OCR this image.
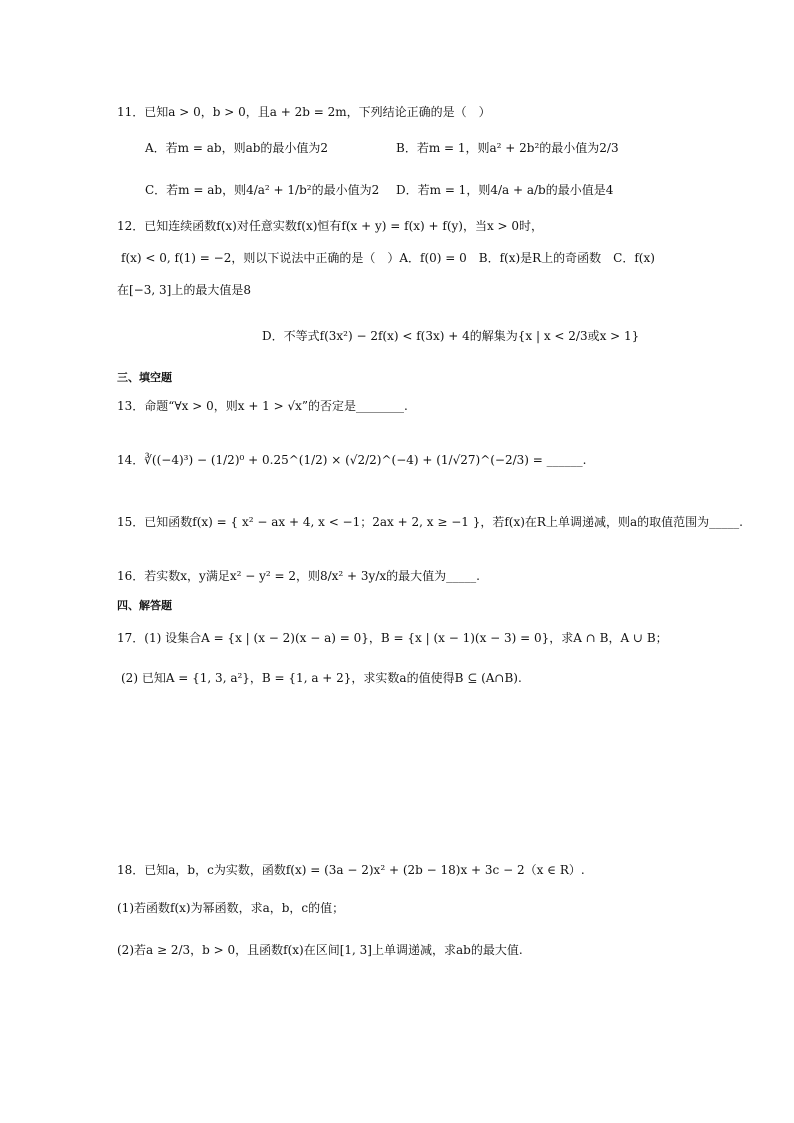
11．已知a > 0，b > 0，且a + 2b = 2m，下列结论正确的是（　）
A．若m = ab，则ab的最小值为2	B．若m = 1，则a² + 2b²的最小值为2/3
C．若m = ab，则4/a² + 1/b²的最小值为2 D．若m = 1，则4/a + a/b的最小值是4
12．已知连续函数f(x)对任意实数f(x)恒有f(x + y) = f(x) + f(y)，当x > 0时，
f(x) < 0, f(1) = −2，则以下说法中正确的是（　）A．f(0) = 0　B．f(x)是R上的奇函数　C．f(x)
在[−3, 3]上的最大值是8
D．不等式f(3x²) − 2f(x) < f(3x) + 4的解集为{x | x < 2/3或x > 1}
三、填空题
13．命题“∀x > 0，则x + 1 > √x”的否定是________.
14．∛((−4)³) − (1/2)⁰ + 0.25^(1/2) × (√2/2)^(−4) + (1/√27)^(−2/3) = ______.
15．已知函数f(x) = { x² − ax + 4, x < −1；2ax + 2, x ≥ −1 }，若f(x)在R上单调递减，则a的取值范围为_____.
16．若实数x，y满足x² − y² = 2，则8/x² + 3y/x的最大值为_____.
四、解答题
17．(1) 设集合A = {x | (x − 2)(x − a) = 0}，B = {x | (x − 1)(x − 3) = 0}，求A ∩ B，A ∪ B；
(2) 已知A = {1, 3, a²}，B = {1, a + 2}，求实数a的值使得B ⊆ (A∩B).
18．已知a，b，c为实数，函数f(x) = (3a − 2)x² + (2b − 18)x + 3c − 2（x ∈ R）.
(1)若函数f(x)为幂函数，求a，b，c的值；
(2)若a ≥ 2/3，b > 0，且函数f(x)在区间[1, 3]上单调递减，求ab的最大值.
